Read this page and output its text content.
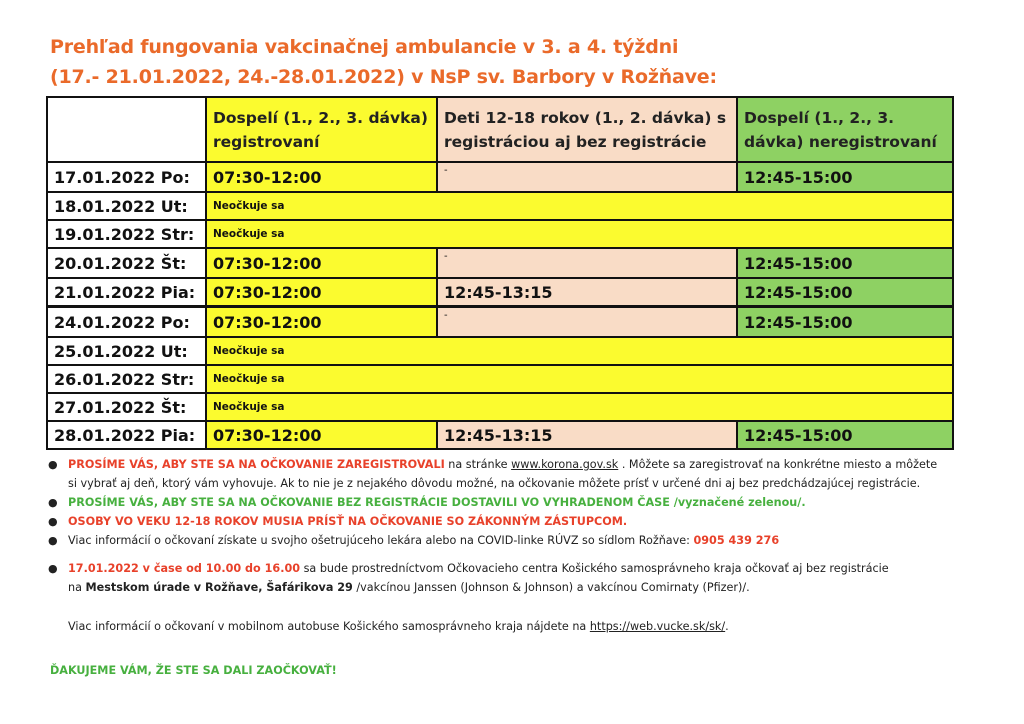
Prehľad fungovania vakcinačnej ambulancie v 3. a 4. týždni
(17.- 21.01.2022, 24.-28.01.2022) v NsP sv. Barbory v Rožňave:
	Dospelí (1., 2., 3. dávka) registrovaní	Deti 12-18 rokov (1., 2. dávka) s registráciou aj bez registrácie	Dospelí (1., 2., 3. dávka) neregistrovaní
17.01.2022 Po:	07:30-12:00	-	12:45-15:00
18.01.2022 Ut:	Neočkuje sa		
19.01.2022 Str:	Neočkuje sa		
20.01.2022 Št:	07:30-12:00	-	12:45-15:00
21.01.2022 Pia:	07:30-12:00	12:45-13:15	12:45-15:00
24.01.2022 Po:	07:30-12:00	-	12:45-15:00
25.01.2022 Ut:	Neočkuje sa		
26.01.2022 Str:	Neočkuje sa		
27.01.2022 Št:	Neočkuje sa		
28.01.2022 Pia:	07:30-12:00	12:45-13:15	12:45-15:00
● PROSÍME VÁS, ABY STE SA NA OČKOVANIE ZAREGISTROVALI na stránke www.korona.gov.sk . Môžete sa zaregistrovať na konkrétne miesto a môžete
si vybrať aj deň, ktorý vám vyhovuje. Ak to nie je z nejakého dôvodu možné, na očkovanie môžete prísť v určené dni aj bez predchádzajúcej registrácie.
● PROSÍME VÁS, ABY STE SA NA OČKOVANIE BEZ REGISTRÁCIE DOSTAVILI VO VYHRADENOM ČASE /vyznačené zelenou/.
● OSOBY VO VEKU 12-18 ROKOV MUSIA PRÍSŤ NA OČKOVANIE SO ZÁKONNÝM ZÁSTUPCOM.
● Viac informácií o očkovaní získate u svojho ošetrujúceho lekára alebo na COVID-linke RÚVZ so sídlom Rožňave: 0905 439 276
● 17.01.2022 v čase od 10.00 do 16.00 sa bude prostredníctvom Očkovacieho centra Košického samosprávneho kraja očkovať aj bez registrácie
na Mestskom úrade v Rožňave, Šafárikova 29 /vakcínou Janssen (Johnson & Johnson) a vakcínou Comirnaty (Pfizer)/.
Viac informácií o očkovaní v mobilnom autobuse Košického samosprávneho kraja nájdete na https://web.vucke.sk/sk/.
ĎAKUJEME VÁM, ŽE STE SA DALI ZAOČKOVAŤ!
